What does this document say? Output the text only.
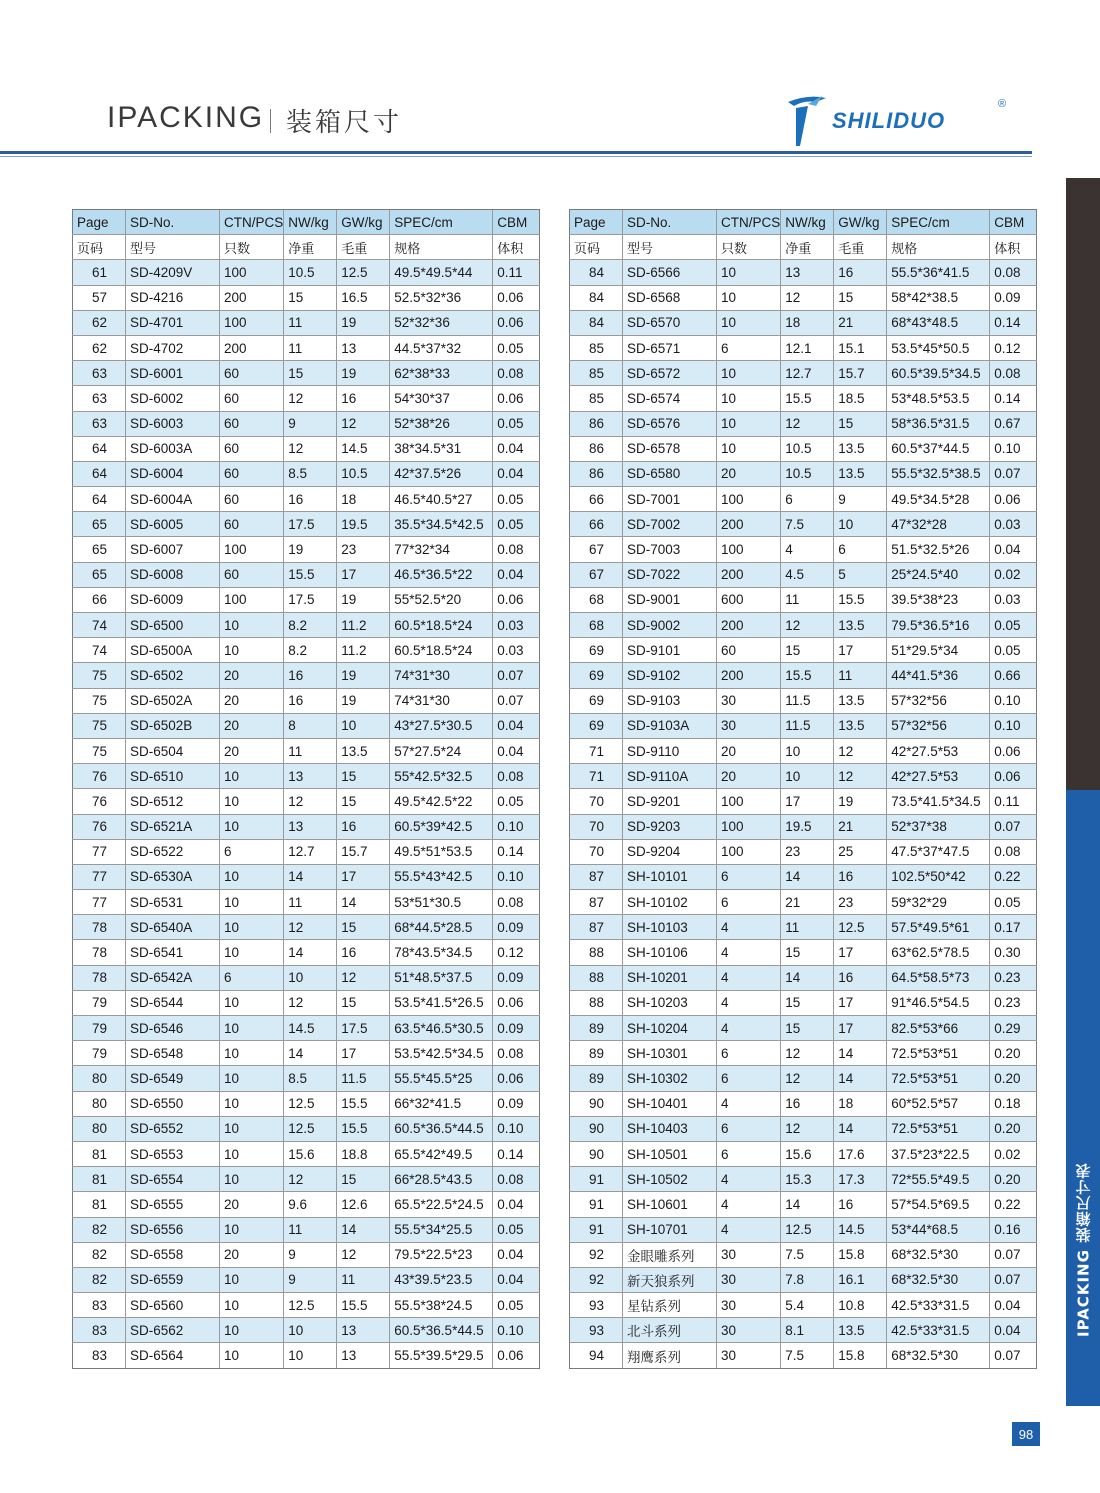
IPACKING 装箱尺寸	SHILIDUO
®
Page	SD-No.	CTN/PCS	NW/kg	GW/kg	SPEC/cm	CBM
页码	型号	只数	净重	毛重	规格	体积
61	SD-4209V	100	10.5	12.5	49.5*49.5*44	0.11
57	SD-4216	200	15	16.5	52.5*32*36	0.06
62	SD-4701	100	11	19	52*32*36	0.06
62	SD-4702	200	11	13	44.5*37*32	0.05
63	SD-6001	60	15	19	62*38*33	0.08
63	SD-6002	60	12	16	54*30*37	0.06
63	SD-6003	60	9	12	52*38*26	0.05
64	SD-6003A	60	12	14.5	38*34.5*31	0.04
64	SD-6004	60	8.5	10.5	42*37.5*26	0.04
64	SD-6004A	60	16	18	46.5*40.5*27	0.05
65	SD-6005	60	17.5	19.5	35.5*34.5*42.5	0.05
65	SD-6007	100	19	23	77*32*34	0.08
65	SD-6008	60	15.5	17	46.5*36.5*22	0.04
66	SD-6009	100	17.5	19	55*52.5*20	0.06
74	SD-6500	10	8.2	11.2	60.5*18.5*24	0.03
74	SD-6500A	10	8.2	11.2	60.5*18.5*24	0.03
75	SD-6502	20	16	19	74*31*30	0.07
75	SD-6502A	20	16	19	74*31*30	0.07
75	SD-6502B	20	8	10	43*27.5*30.5	0.04
75	SD-6504	20	11	13.5	57*27.5*24	0.04
76	SD-6510	10	13	15	55*42.5*32.5	0.08
76	SD-6512	10	12	15	49.5*42.5*22	0.05
76	SD-6521A	10	13	16	60.5*39*42.5	0.10
77	SD-6522	6	12.7	15.7	49.5*51*53.5	0.14
77	SD-6530A	10	14	17	55.5*43*42.5	0.10
77	SD-6531	10	11	14	53*51*30.5	0.08
78	SD-6540A	10	12	15	68*44.5*28.5	0.09
78	SD-6541	10	14	16	78*43.5*34.5	0.12
78	SD-6542A	6	10	12	51*48.5*37.5	0.09
79	SD-6544	10	12	15	53.5*41.5*26.5	0.06
79	SD-6546	10	14.5	17.5	63.5*46.5*30.5	0.09
79	SD-6548	10	14	17	53.5*42.5*34.5	0.08
80	SD-6549	10	8.5	11.5	55.5*45.5*25	0.06
80	SD-6550	10	12.5	15.5	66*32*41.5	0.09
80	SD-6552	10	12.5	15.5	60.5*36.5*44.5	0.10
81	SD-6553	10	15.6	18.8	65.5*42*49.5	0.14
81	SD-6554	10	12	15	66*28.5*43.5	0.08
81	SD-6555	20	9.6	12.6	65.5*22.5*24.5	0.04
82	SD-6556	10	11	14	55.5*34*25.5	0.05
82	SD-6558	20	9	12	79.5*22.5*23	0.04
82	SD-6559	10	9	11	43*39.5*23.5	0.04
83	SD-6560	10	12.5	15.5	55.5*38*24.5	0.05
83	SD-6562	10	10	13	60.5*36.5*44.5	0.10
83	SD-6564	10	10	13	55.5*39.5*29.5	0.06
Page	SD-No.	CTN/PCS	NW/kg	GW/kg	SPEC/cm	CBM
页码	型号	只数	净重	毛重	规格	体积
84	SD-6566	10	13	16	55.5*36*41.5	0.08
84	SD-6568	10	12	15	58*42*38.5	0.09
84	SD-6570	10	18	21	68*43*48.5	0.14
85	SD-6571	6	12.1	15.1	53.5*45*50.5	0.12
85	SD-6572	10	12.7	15.7	60.5*39.5*34.5	0.08
85	SD-6574	10	15.5	18.5	53*48.5*53.5	0.14
86	SD-6576	10	12	15	58*36.5*31.5	0.67
86	SD-6578	10	10.5	13.5	60.5*37*44.5	0.10
86	SD-6580	20	10.5	13.5	55.5*32.5*38.5	0.07
66	SD-7001	100	6	9	49.5*34.5*28	0.06
66	SD-7002	200	7.5	10	47*32*28	0.03
67	SD-7003	100	4	6	51.5*32.5*26	0.04
67	SD-7022	200	4.5	5	25*24.5*40	0.02
68	SD-9001	600	11	15.5	39.5*38*23	0.03
68	SD-9002	200	12	13.5	79.5*36.5*16	0.05
69	SD-9101	60	15	17	51*29.5*34	0.05
69	SD-9102	200	15.5	11	44*41.5*36	0.66
69	SD-9103	30	11.5	13.5	57*32*56	0.10
69	SD-9103A	30	11.5	13.5	57*32*56	0.10
71	SD-9110	20	10	12	42*27.5*53	0.06
71	SD-9110A	20	10	12	42*27.5*53	0.06
70	SD-9201	100	17	19	73.5*41.5*34.5	0.11
70	SD-9203	100	19.5	21	52*37*38	0.07
70	SD-9204	100	23	25	47.5*37*47.5	0.08
87	SH-10101	6	14	16	102.5*50*42	0.22
87	SH-10102	6	21	23	59*32*29	0.05
87	SH-10103	4	11	12.5	57.5*49.5*61	0.17
88	SH-10106	4	15	17	63*62.5*78.5	0.30
88	SH-10201	4	14	16	64.5*58.5*73	0.23
88	SH-10203	4	15	17	91*46.5*54.5	0.23
89	SH-10204	4	15	17	82.5*53*66	0.29
89	SH-10301	6	12	14	72.5*53*51	0.20
89	SH-10302	6	12	14	72.5*53*51	0.20
90	SH-10401	4	16	18	60*52.5*57	0.18
90	SH-10403	6	12	14	72.5*53*51	0.20
90	SH-10501	6	15.6	17.6	37.5*23*22.5	0.02
91	SH-10502	4	15.3	17.3	72*55.5*49.5	0.20
91	SH-10601	4	14	16	57*54.5*69.5	0.22
91	SH-10701	4	12.5	14.5	53*44*68.5	0.16
92	金眼雕系列	30	7.5	15.8	68*32.5*30	0.07
92	新天狼系列	30	7.8	16.1	68*32.5*30	0.07
93	星钻系列	30	5.4	10.8	42.5*33*31.5	0.04
93	北斗系列	30	8.1	13.5	42.5*33*31.5	0.04
94	翔鹰系列	30	7.5	15.8	68*32.5*30	0.07
IPACKING 装箱尺寸表
98
